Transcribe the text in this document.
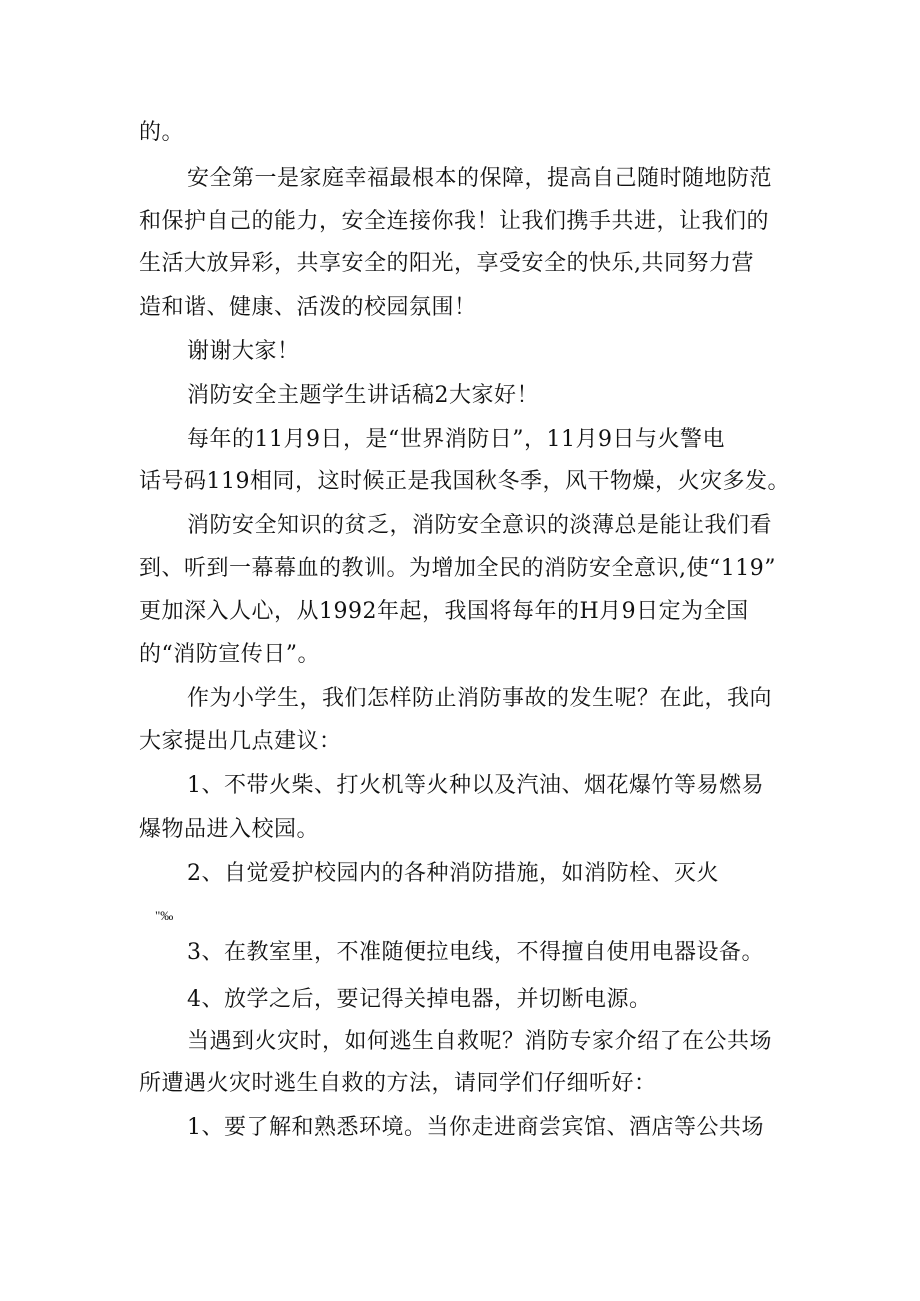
的。
安全第一是家庭幸福最根本的保障，提高自己随时随地防范
和保护自己的能力，安全连接你我！让我们携手共进，让我们的
生活大放异彩，共享安全的阳光，享受安全的快乐,共同努力营
造和谐、健康、活泼的校园氛围！
谢谢大家！
消防安全主题学生讲话稿2大家好！
每年的11月9日，是“世界消防日”，11月9日与火警电
话号码119相同，这时候正是我国秋冬季，风干物燥，火灾多发。
消防安全知识的贫乏，消防安全意识的淡薄总是能让我们看
到、听到一幕幕血的教训。为增加全民的消防安全意识,使“119”
更加深入人心，从1992年起，我国将每年的H月9日定为全国
的“消防宣传日”。
作为小学生，我们怎样防止消防事故的发生呢？在此，我向
大家提出几点建议：
1、不带火柴、打火机等火种以及汽油、烟花爆竹等易燃易
爆物品进入校园。
2、自觉爱护校园内的各种消防措施，如消防栓、灭火
"‰
3、在教室里，不准随便拉电线，不得擅自使用电器设备。
4、放学之后，要记得关掉电器，并切断电源。
当遇到火灾时，如何逃生自救呢？消防专家介绍了在公共场
所遭遇火灾时逃生自救的方法，请同学们仔细听好：
1、要了解和熟悉环境。当你走进商尝宾馆、酒店等公共场
